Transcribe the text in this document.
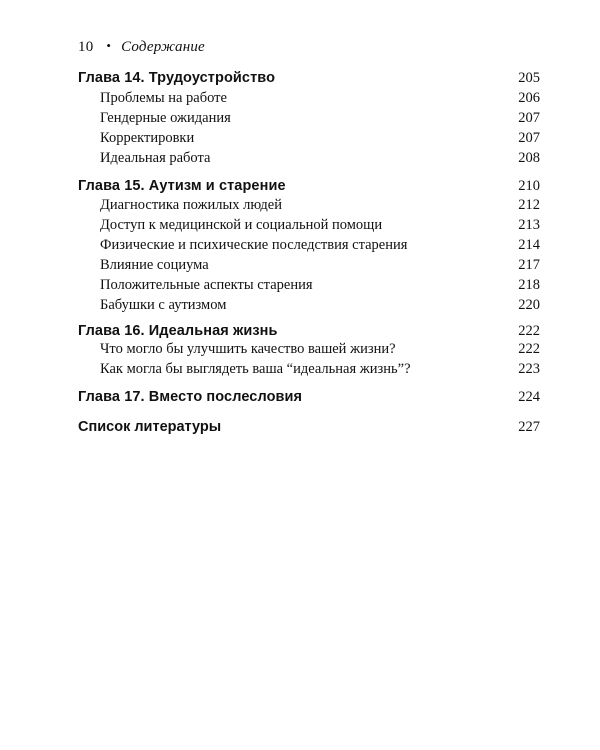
10 • Содержание
Глава 14. Трудоустройство	205
Проблемы на работе	206
Гендерные ожидания	207
Корректировки	207
Идеальная работа	208
Глава 15. Аутизм и старение	210
Диагностика пожилых людей	212
Доступ к медицинской и социальной помощи	213
Физические и психические последствия старения	214
Влияние социума	217
Положительные аспекты старения	218
Бабушки с аутизмом	220
Глава 16. Идеальная жизнь	222
Что могло бы улучшить качество вашей жизни?	222
Как могла бы выглядеть ваша “идеальная жизнь”?	223
Глава 17. Вместо послесловия	224
Список литературы	227
